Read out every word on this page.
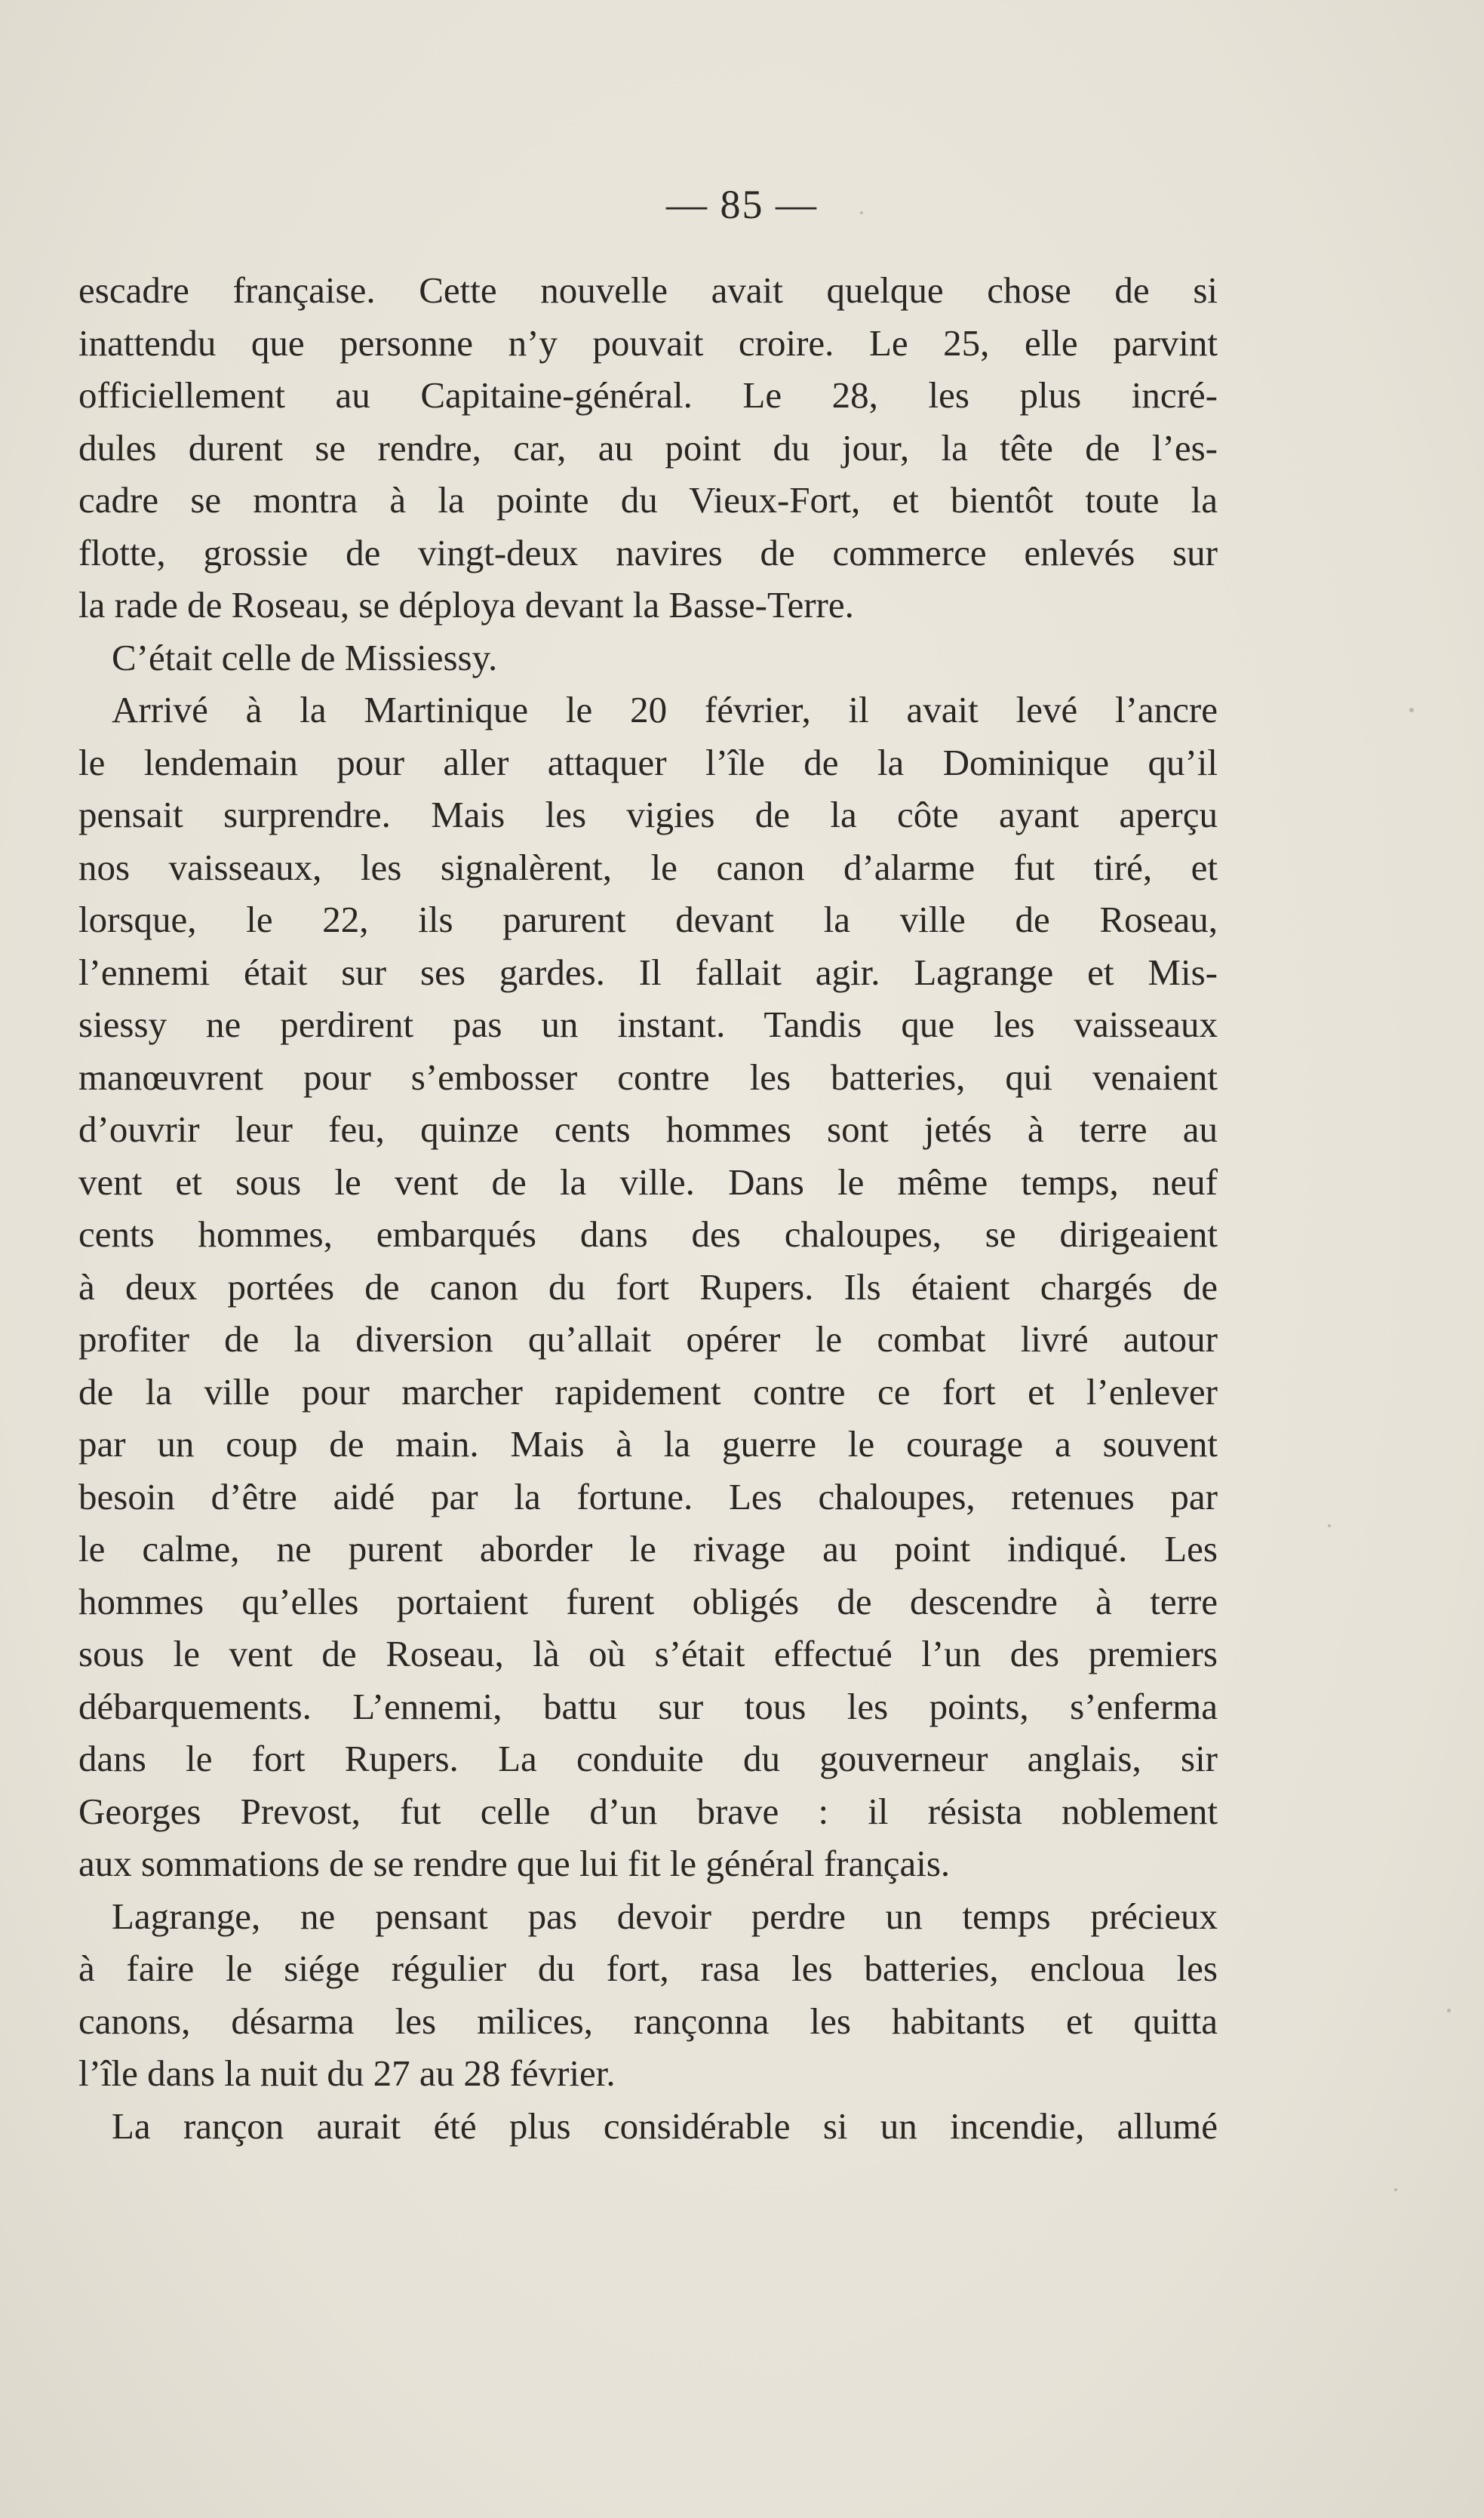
— 85 —
escadre française. Cette nouvelle avait quelque chose de si
inattendu que personne n’y pouvait croire. Le 25, elle parvint
officiellement au Capitaine-général. Le 28, les plus incré-
dules durent se rendre, car, au point du jour, la tête de l’es-
cadre se montra à la pointe du Vieux-Fort, et bientôt toute la
flotte, grossie de vingt-deux navires de commerce enlevés sur
la rade de Roseau, se déploya devant la Basse-Terre.
C’était celle de Missiessy.
Arrivé à la Martinique le 20 février, il avait levé l’ancre
le lendemain pour aller attaquer l’île de la Dominique qu’il
pensait surprendre. Mais les vigies de la côte ayant aperçu
nos vaisseaux, les signalèrent, le canon d’alarme fut tiré, et
lorsque, le 22, ils parurent devant la ville de Roseau,
l’ennemi était sur ses gardes. Il fallait agir. Lagrange et Mis-
siessy ne perdirent pas un instant. Tandis que les vaisseaux
manœuvrent pour s’embosser contre les batteries, qui venaient
d’ouvrir leur feu, quinze cents hommes sont jetés à terre au
vent et sous le vent de la ville. Dans le même temps, neuf
cents hommes, embarqués dans des chaloupes, se dirigeaient
à deux portées de canon du fort Rupers. Ils étaient chargés de
profiter de la diversion qu’allait opérer le combat livré autour
de la ville pour marcher rapidement contre ce fort et l’enlever
par un coup de main. Mais à la guerre le courage a souvent
besoin d’être aidé par la fortune. Les chaloupes, retenues par
le calme, ne purent aborder le rivage au point indiqué. Les
hommes qu’elles portaient furent obligés de descendre à terre
sous le vent de Roseau, là où s’était effectué l’un des premiers
débarquements. L’ennemi, battu sur tous les points, s’enferma
dans le fort Rupers. La conduite du gouverneur anglais, sir
Georges Prevost, fut celle d’un brave : il résista noblement
aux sommations de se rendre que lui fit le général français.
Lagrange, ne pensant pas devoir perdre un temps précieux
à faire le siége régulier du fort, rasa les batteries, encloua les
canons, désarma les milices, rançonna les habitants et quitta
l’île dans la nuit du 27 au 28 février.
La rançon aurait été plus considérable si un incendie, allumé
